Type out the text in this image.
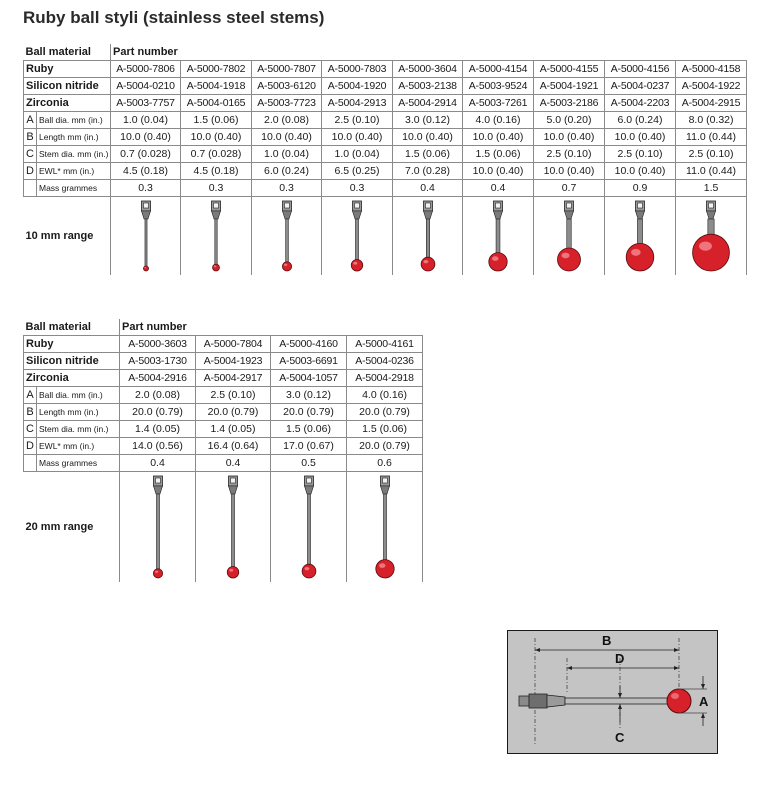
Ruby ball styli (stainless steel stems)
Ball material		Part number								
Ruby		A-5000-7806	A-5000-7802	A-5000-7807	A-5000-7803	A-5000-3604	A-5000-4154	A-5000-4155	A-5000-4156	A-5000-4158
Silicon nitride		A-5004-0210	A-5004-1918	A-5003-6120	A-5004-1920	A-5003-2138	A-5003-9524	A-5004-1921	A-5004-0237	A-5004-1922
Zirconia		A-5003-7757	A-5004-0165	A-5003-7723	A-5004-2913	A-5004-2914	A-5003-7261	A-5003-2186	A-5004-2203	A-5004-2915
A	Ball dia. mm (in.)	1.0 (0.04)	1.5 (0.06)	2.0 (0.08)	2.5 (0.10)	3.0 (0.12)	4.0 (0.16)	5.0 (0.20)	6.0 (0.24)	8.0 (0.32)
B	Length mm (in.)	10.0 (0.40)	10.0 (0.40)	10.0 (0.40)	10.0 (0.40)	10.0 (0.40)	10.0 (0.40)	10.0 (0.40)	10.0 (0.40)	11.0 (0.44)
C	Stem dia. mm (in.)	0.7 (0.028)	0.7 (0.028)	1.0 (0.04)	1.0 (0.04)	1.5 (0.06)	1.5 (0.06)	2.5 (0.10)	2.5 (0.10)	2.5 (0.10)
D	EWL* mm (in.)	4.5 (0.18)	4.5 (0.18)	6.0 (0.24)	6.5 (0.25)	7.0 (0.28)	10.0 (0.40)	10.0 (0.40)	10.0 (0.40)	11.0 (0.44)
	Mass grammes	0.3	0.3	0.3	0.3	0.4	0.4	0.7	0.9	1.5
10 mm range	

Ball material		Part number			
Ruby		A-5000-3603	A-5000-7804	A-5000-4160	A-5000-4161
Silicon nitride		A-5003-1730	A-5004-1923	A-5003-6691	A-5004-0236
Zirconia		A-5004-2916	A-5004-2917	A-5004-1057	A-5004-2918
A	Ball dia. mm (in.)	2.0 (0.08)	2.5 (0.10)	3.0 (0.12)	4.0 (0.16)
B	Length mm (in.)	20.0 (0.79)	20.0 (0.79)	20.0 (0.79)	20.0 (0.79)
C	Stem dia. mm (in.)	1.4 (0.05)	1.4 (0.05)	1.5 (0.06)	1.5 (0.06)
D	EWL* mm (in.)	14.0 (0.56)	16.4 (0.64)	17.0 (0.67)	20.0 (0.79)
	Mass grammes	0.4	0.4	0.5	0.6
20 mm range	

B
D
A
C
